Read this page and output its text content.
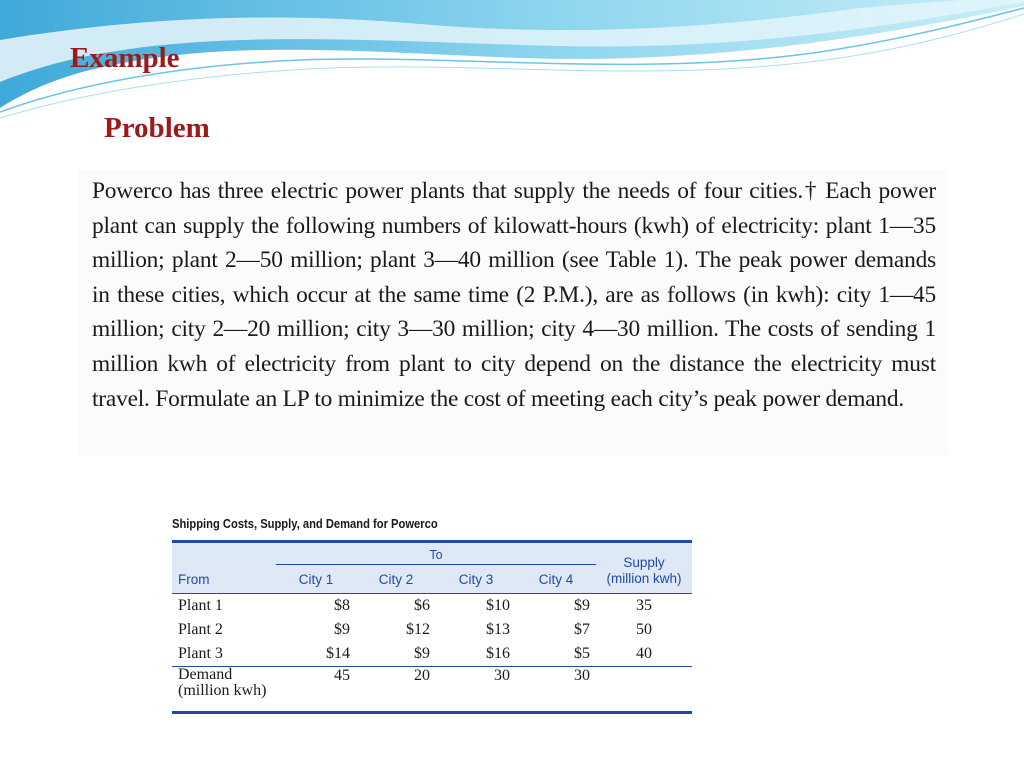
Example
Problem

Powerco has three electric power plants that supply the needs of four cities.† Each power plant can supply the following numbers of kilowatt-hours (kwh) of electricity: plant 1—35 million; plant 2—50 million; plant 3—40 million (see Table 1). The peak power demands in these cities, which occur at the same time (2 P.M.), are as follows (in kwh): city 1—45 million; city 2—20 million; city 3—30 million; city 4—30 million. The costs of sending 1 million kwh of electricity from plant to city depend on the distance the electricity must travel. Formulate an LP to minimize the cost of meeting each city’s peak power demand.

Shipping Costs, Supply, and Demand for Powerco

	To				Supply
(million kwh)

From	City 1	City 2	City 3	City 4	

Plant 1	$8	$6	$10	$9	35
Plant 2	$9	$12	$13	$7	50
Plant 3	$14	$9	$16	$5	40

Demand
(million kwh)	45	20	30	30	
